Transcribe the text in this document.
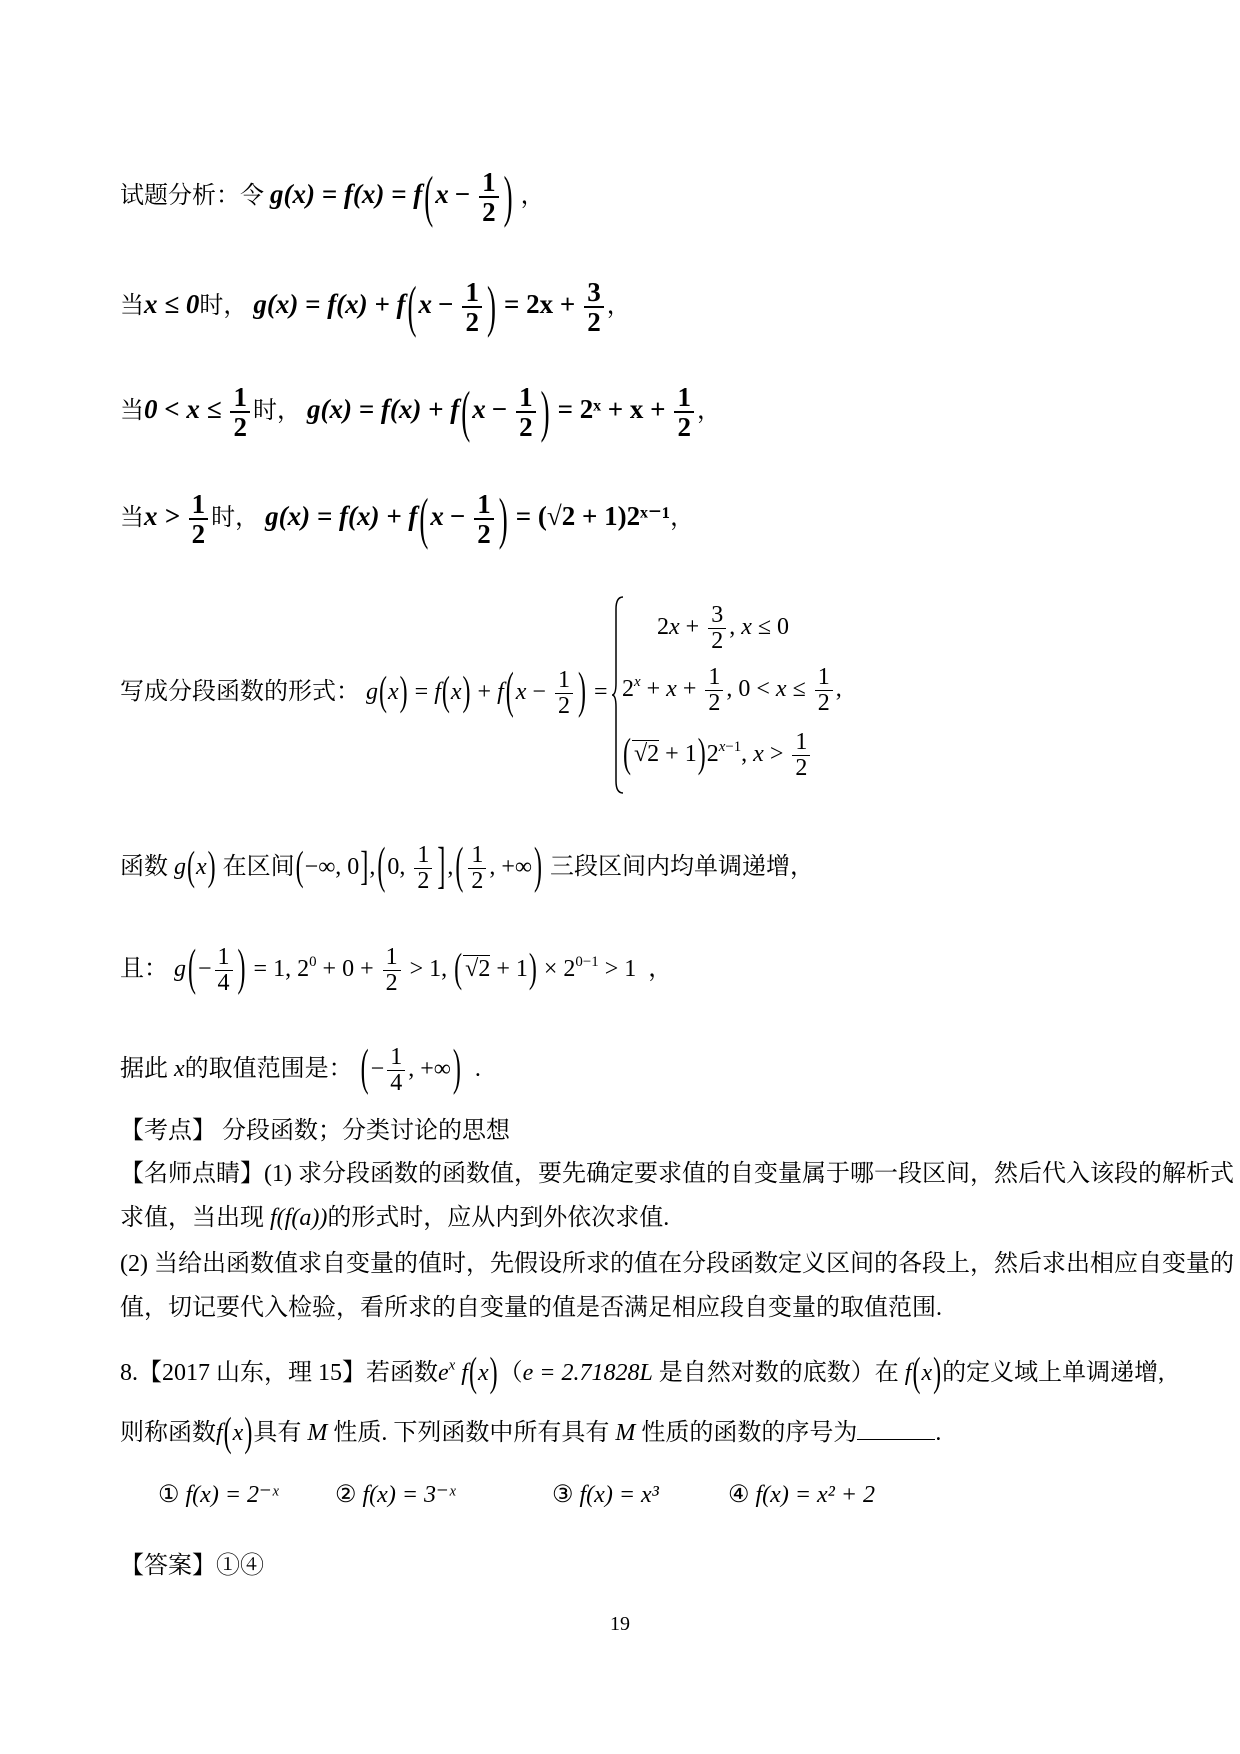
试题分析：令 $g(x) = f(x) = f(x - \frac{1}{2}$ ) ，
当x ≤ 0时， $g(x) = f(x) + f(x - \frac{1}{2}$ ) = $2x + \frac{3}{2}$ ，
当$0 < x \le \frac{1}{2}$ 时， $g(x) = f(x) + f(x - \frac{1}{2}$ ) = 2ˣ + $x + \frac{1}{2}$ ，
当$x > \frac{1}{2}$ 时， $g(x) = f(x) + f(x - \frac{1}{2}$ ) = (√2 + 1)2ˣ⁻¹，
写成分段函数的形式： $g(x) = f(x) + f(x - \frac{1}{2}$ ) =
$2x + \frac{3}{2}$ , x ≤ 0
$2^x + x + \frac{1}{2}$ , $0 < x \le \frac{1}{2}$ ,
( $√2 + 1)2^{x-1}$, $x > \frac{1}{2}$
函数 g(x) 在区间(−∞, 0],(0, $\frac{1}{2}$ ],( $\frac{1}{2}$ , +∞) 三段区间内均单调递增，
且： $g(- \frac{1}{4}$ ) = 1, $2^0 + 0 + \frac{1}{2} > 1$, ( $√2 + 1) \times 2^{0-1} > 1$  ，
据此 x的取值范围是： (− $\frac{1}{4}$ , +∞)  .
【考点】 分段函数；分类讨论的思想
【名师点睛】(1) 求分段函数的函数值，要先确定要求值的自变量属于哪一段区间，然后代入该段的解析式
求值，当出现 f(f(a))的形式时，应从内到外依次求值.
(2) 当给出函数值求自变量的值时，先假设所求的值在分段函数定义区间的各段上，然后求出相应自变量的
值，切记要代入检验，看所求的自变量的值是否满足相应段自变量的取值范围.
8.【2017 山东，理 15】若函数$e^x$ f(x)（e = 2.71828L 是自然对数的底数）在 f(x)的定义域上单调递增,
则称函数f(x)具有 M 性质. 下列函数中所有具有 M 性质的函数的序号为	.
① f(x) = 2⁻ˣ ② f(x) = 3⁻ˣ	③ f(x) = x³	④ f(x) = x² + 2
【答案】①④
19
